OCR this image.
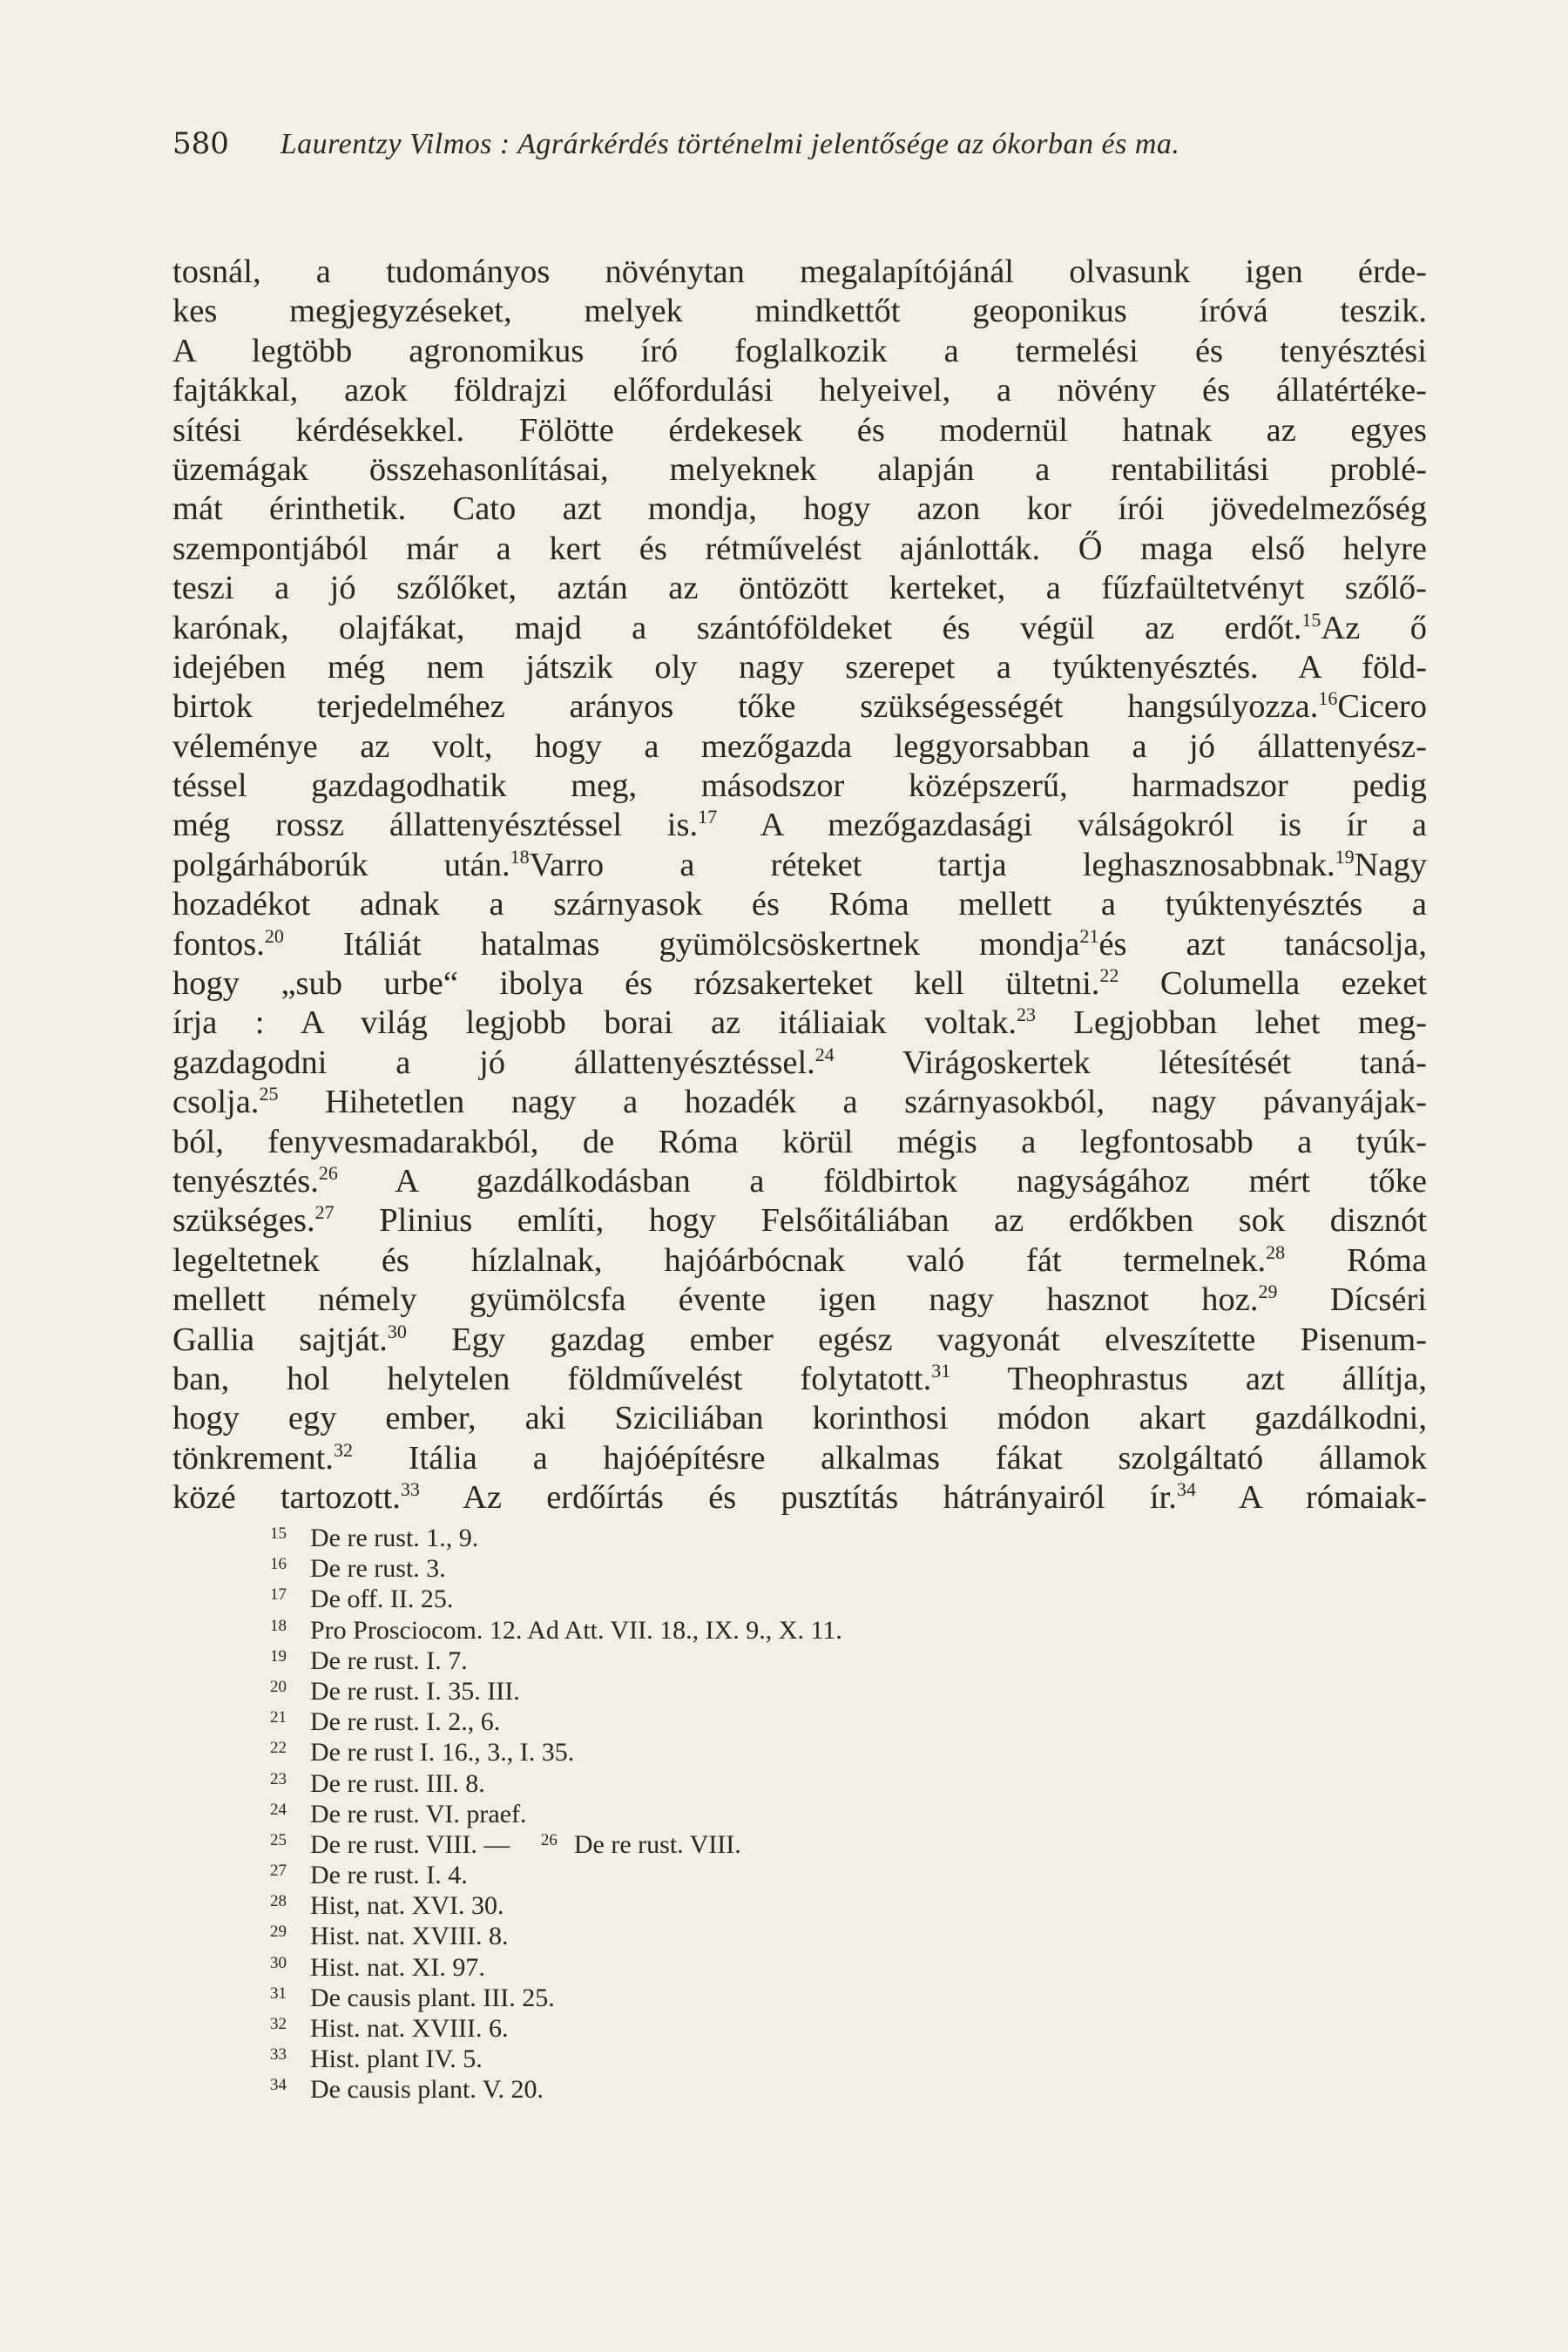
580 Laurentzy Vilmos : Agrárkérdés történelmi jelentősége az ókorban és ma.
tosnál, a tudományos növénytan megalapítójánál olvasunk igen érde-
kes megjegyzéseket, melyek mindkettőt geoponikus íróvá teszik.
A legtöbb agronomikus író foglalkozik a termelési és tenyésztési
fajtákkal, azok földrajzi előfordulási helyeivel, a növény és állatértéke-
sítési kérdésekkel. Fölötte érdekesek és modernül hatnak az egyes
üzemágak összehasonlításai, melyeknek alapján a rentabilitási problé-
mát érinthetik. Cato azt mondja, hogy azon kor írói jövedelmezőség
szempontjából már a kert és rétművelést ajánlották. Ő maga első helyre
teszi a jó szőlőket, aztán az öntözött kerteket, a fűzfaültetvényt szőlő-
karónak, olajfákat, majd a szántóföldeket és végül az erdőt.$^{15}$Az ő
idejében még nem játszik oly nagy szerepet a tyúktenyésztés. A föld-
birtok terjedelméhez arányos tőke szükségességét hangsúlyozza.$^{16}$Cicero
véleménye az volt, hogy a mezőgazda leggyorsabban a jó állattenyész-
téssel gazdagodhatik meg, másodszor középszerű, harmadszor pedig
még rossz állattenyésztéssel is.$^{17}$ A mezőgazdasági válságokról is ír a
polgárháborúk után.$^{18}$Varro a réteket tartja leghasznosabbnak.$^{19}$Nagy
hozadékot adnak a szárnyasok és Róma mellett a tyúktenyésztés a
fontos.$^{20}$ Itáliát hatalmas gyümölcsöskertnek mondja$^{21}$és azt tanácsolja,
hogy „sub urbe“ ibolya és rózsakerteket kell ültetni.$^{22}$ Columella ezeket
írja : A világ legjobb borai az itáliaiak voltak.$^{23}$ Legjobban lehet meg-
gazdagodni a jó állattenyésztéssel.$^{24}$ Virágoskertek létesítését taná-
csolja.$^{25}$ Hihetetlen nagy a hozadék a szárnyasokból, nagy pávanyájak-
ból, fenyvesmadarakból, de Róma körül mégis a legfontosabb a tyúk-
tenyésztés.$^{26}$ A gazdálkodásban a földbirtok nagyságához mért tőke
szükséges.$^{27}$ Plinius említi, hogy Felsőitáliában az erdőkben sok disznót
legeltetnek és hízlalnak, hajóárbócnak való fát termelnek.$^{28}$ Róma
mellett némely gyümölcsfa évente igen nagy hasznot hoz.$^{29}$ Dícséri
Gallia sajtját.$^{30}$ Egy gazdag ember egész vagyonát elveszítette Pisenum-
ban, hol helytelen földművelést folytatott.$^{31}$ Theophrastus azt állítja,
hogy egy ember, aki Sziciliában korinthosi módon akart gazdálkodni,
tönkrement.$^{32}$ Itália a hajóépítésre alkalmas fákat szolgáltató államok
közé tartozott.$^{33}$ Az erdőírtás és pusztítás hátrányairól ír.$^{34}$ A rómaiak-
15 De re rust. 1., 9.
16 De re rust. 3.
17 De off. II. 25.
18 Pro Prosciocom. 12. Ad Att. VII. 18., IX. 9., X. 11.
19 De re rust. I. 7.
20 De re rust. I. 35. III.
21 De re rust. I. 2., 6.
22 De re rust I. 16., 3., I. 35.
23 De re rust. III. 8.
24 De re rust. VI. praef.
25 De re rust. VIII. — 26 De re rust. VIII.
27 De re rust. I. 4.
28 Hist, nat. XVI. 30.
29 Hist. nat. XVIII. 8.
30 Hist. nat. XI. 97.
31 De causis plant. III. 25.
32 Hist. nat. XVIII. 6.
33 Hist. plant IV. 5.
34 De causis plant. V. 20.
